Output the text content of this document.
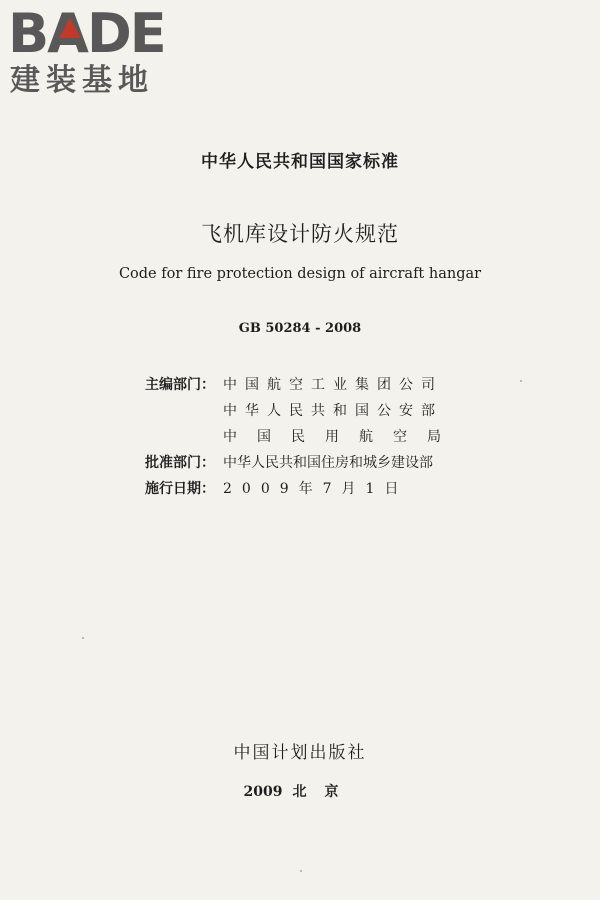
BADE
建装基地
中华人民共和国国家标准
飞机库设计防火规范
Code for fire protection design of aircraft hangar
GB 50284 - 2008
主编部门： 中国航空工业集团公司
中华人民共和国公安部
中国民用航空局
批准部门： 中华人民共和国住房和城乡建设部
施行日期： 2009年7月1日
中国计划出版社
2009 北京
